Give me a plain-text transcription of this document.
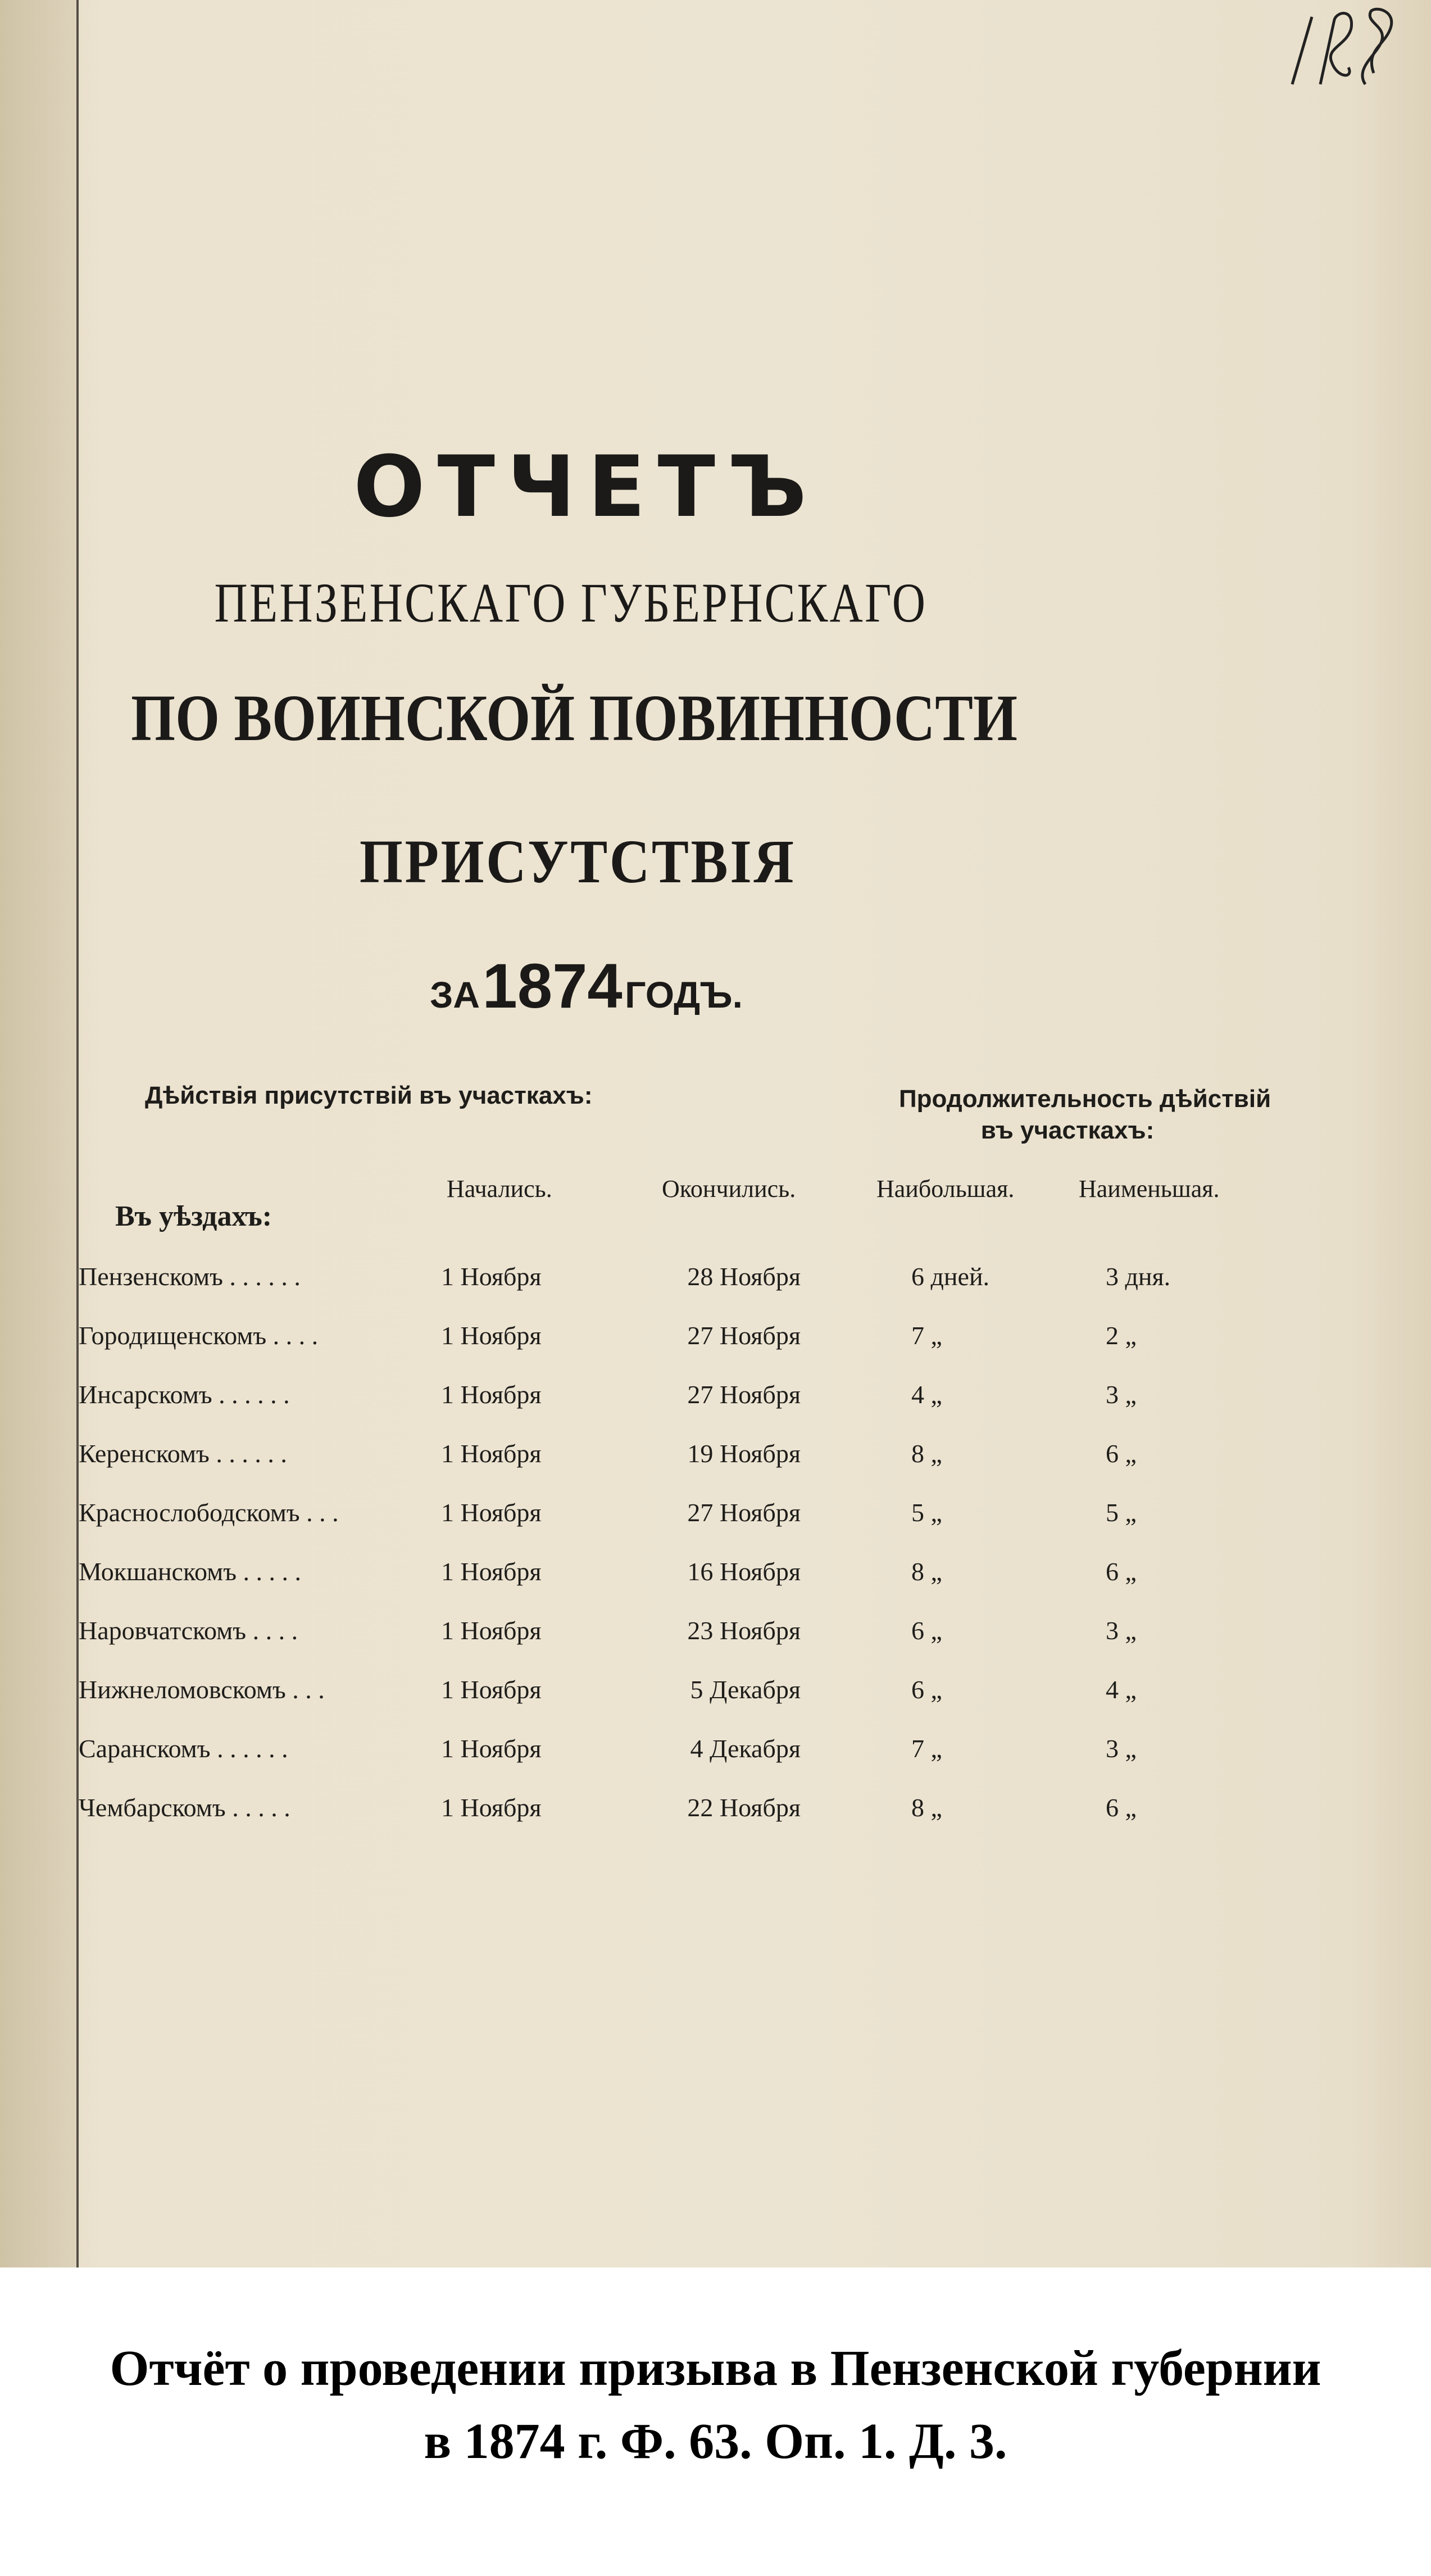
188
ОТЧЕТЪ
ПЕНЗЕНСКАГО ГУБЕРНСКАГО
ПО ВОИНСКОЙ ПОВИННОСТИ
ПРИСУТСТВІЯ
ЗА 1874 ГОДЪ.
Дѣйствія присутствій въ участкахъ:	Продолжительность дѣйствій
въ участкахъ:
Начались.	Окончились.	Наибольшая.	Наименьшая.
Въ уѣздахъ:
Пензенскомъ . . . . . .	1 Ноября	28 Ноября	6 дней.	3 дня.
Городищенскомъ . . . .	1 Ноября	27 Ноября	7 „	2 „
Инсарскомъ . . . . . .	1 Ноября	27 Ноября	4 „	3 „
Керенскомъ . . . . . .	1 Ноября	19 Ноября	8 „	6 „
Краснослободскомъ . . .	1 Ноября	27 Ноября	5 „	5 „
Мокшанскомъ . . . . .	1 Ноября	16 Ноября	8 „	6 „
Наровчатскомъ . . . .	1 Ноября	23 Ноября	6 „	3 „
Нижнеломовскомъ . . .	1 Ноября	5 Декабря	6 „	4 „
Саранскомъ . . . . . .	1 Ноября	4 Декабря	7 „	3 „
Чембарскомъ . . . . .	1 Ноября	22 Ноября	8 „	6 „
Отчёт о проведении призыва в Пензенской губернии
в 1874 г. Ф. 63. Оп. 1. Д. 3.
